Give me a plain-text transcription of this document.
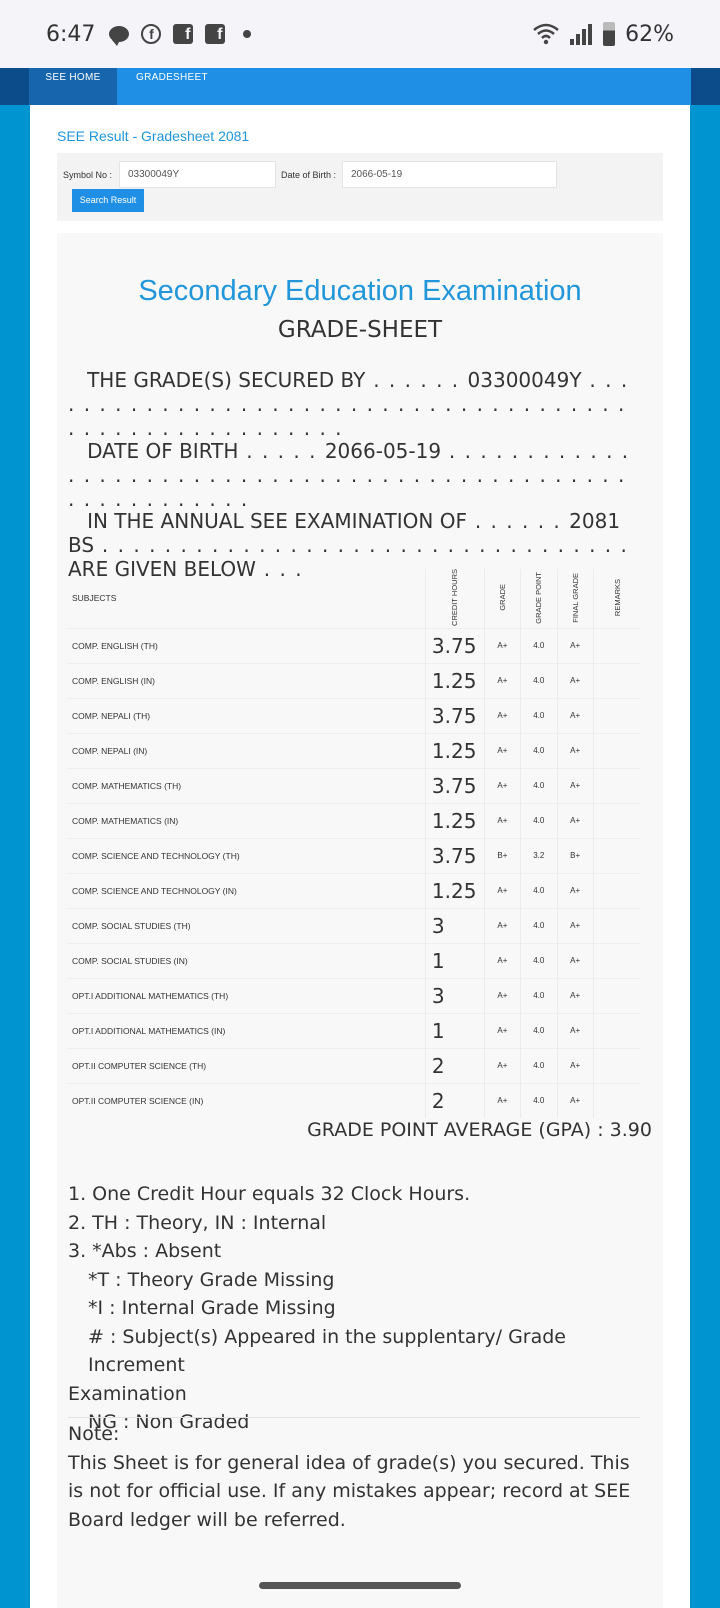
6:47	f	f	f	62%
SEE HOME	GRADESHEET
SEE Result - Gradesheet 2081
Symbol No :	03300049Y	Date of Birth :	2066-05-19
Search Result
Secondary Education Examination
GRADE-SHEET
THE GRADE(S) SECURED BY . . . . . . 03300049Y . . . . . . . . . . . . . . . . . . . . . . . . . . . . . . . . . . . . . . . . . . . . . . . . . . . . . . . . .
DATE OF BIRTH . . . . . 2066-05-19 . . . . . . . . . . . . . . . . . . . . . . . . . . . . . . . . . . . . . . . . . . . . . . . . . . . . . . . . . . . .
IN THE ANNUAL SEE EXAMINATION OF . . . . . . 2081 BS . . . . . . . . . . . . . . . . . . . . . . . . . . . . . . . . . . ARE GIVEN BELOW . . .
SUBJECTS	CREDIT HOURS	GRADE	GRADE POINT	FINAL GRADE	REMARKS
COMP. ENGLISH (TH)	3.75	A+	4.0	A+	
COMP. ENGLISH (IN)	1.25	A+	4.0	A+	
COMP. NEPALI (TH)	3.75	A+	4.0	A+	
COMP. NEPALI (IN)	1.25	A+	4.0	A+	
COMP. MATHEMATICS (TH)	3.75	A+	4.0	A+	
COMP. MATHEMATICS (IN)	1.25	A+	4.0	A+	
COMP. SCIENCE AND TECHNOLOGY (TH)	3.75	B+	3.2	B+	
COMP. SCIENCE AND TECHNOLOGY (IN)	1.25	A+	4.0	A+	
COMP. SOCIAL STUDIES (TH)	3	A+	4.0	A+	
COMP. SOCIAL STUDIES (IN)	1	A+	4.0	A+	
OPT.I ADDITIONAL MATHEMATICS (TH)	3	A+	4.0	A+	
OPT.I ADDITIONAL MATHEMATICS (IN)	1	A+	4.0	A+	
OPT.II COMPUTER SCIENCE (TH)	2	A+	4.0	A+	
OPT.II COMPUTER SCIENCE (IN)	2	A+	4.0	A+	
GRADE POINT AVERAGE (GPA) : 3.90
1. One Credit Hour equals 32 Clock Hours.
2. TH : Theory, IN : Internal
3. *Abs : Absent
*T : Theory Grade Missing
*I : Internal Grade Missing
# : Subject(s) Appeared in the supplentary/ Grade Increment
Examination
NG : Non Graded
Note:
This Sheet is for general idea of grade(s) you secured. This is not for official use. If any mistakes appear; record at SEE Board ledger will be referred.
